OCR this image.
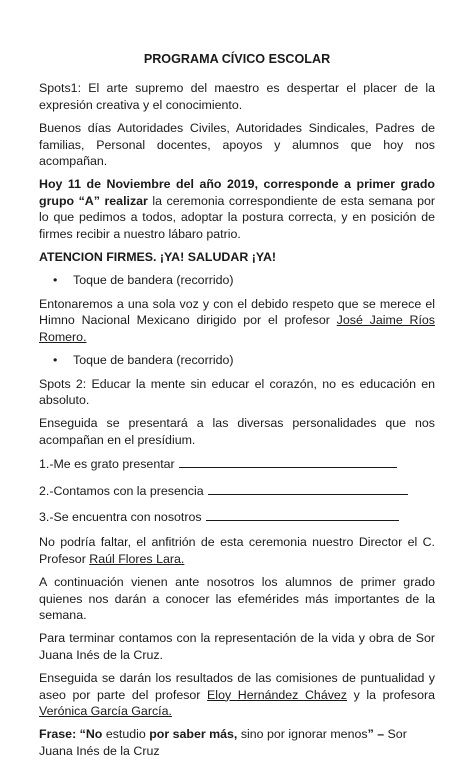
PROGRAMA CÍVICO ESCOLAR

Spots1: El arte supremo del maestro es despertar el placer de la expresión creativa y el conocimiento.

Buenos días Autoridades Civiles, Autoridades Sindicales, Padres de familias, Personal docentes, apoyos y alumnos que hoy nos acompañan.

Hoy 11 de Noviembre del año 2019, corresponde a primer grado grupo “A” realizar la ceremonia correspondiente de esta semana por lo que pedimos a todos, adoptar la postura correcta, y en posición de firmes recibir a nuestro lábaro patrio.

ATENCION FIRMES. ¡YA! SALUDAR ¡YA!

•	Toque de bandera (recorrido)

Entonaremos a una sola voz y con el debido respeto que se merece el Himno Nacional Mexicano dirigido por el profesor José Jaime Ríos Romero.

•	Toque de bandera (recorrido)

Spots 2: Educar la mente sin educar el corazón, no es educación en absoluto.

Enseguida se presentará a las diversas personalidades que nos acompañan en el presídium.

1.-Me es grato presentar
2.-Contamos con la presencia
3.-Se encuentra con nosotros

No podría faltar, el anfitrión de esta ceremonia nuestro Director el C. Profesor Raúl Flores Lara.

A continuación vienen ante nosotros los alumnos de primer grado quienes nos darán a conocer las efemérides más importantes de la semana.

Para terminar contamos con la representación de la vida y obra de Sor Juana Inés de la Cruz.

Enseguida se darán los resultados de las comisiones de puntualidad y aseo por parte del profesor Eloy Hernández Chávez y la profesora Verónica García García.

Frase: “No estudio por saber más, sino por ignorar menos” – Sor Juana Inés de la Cruz
